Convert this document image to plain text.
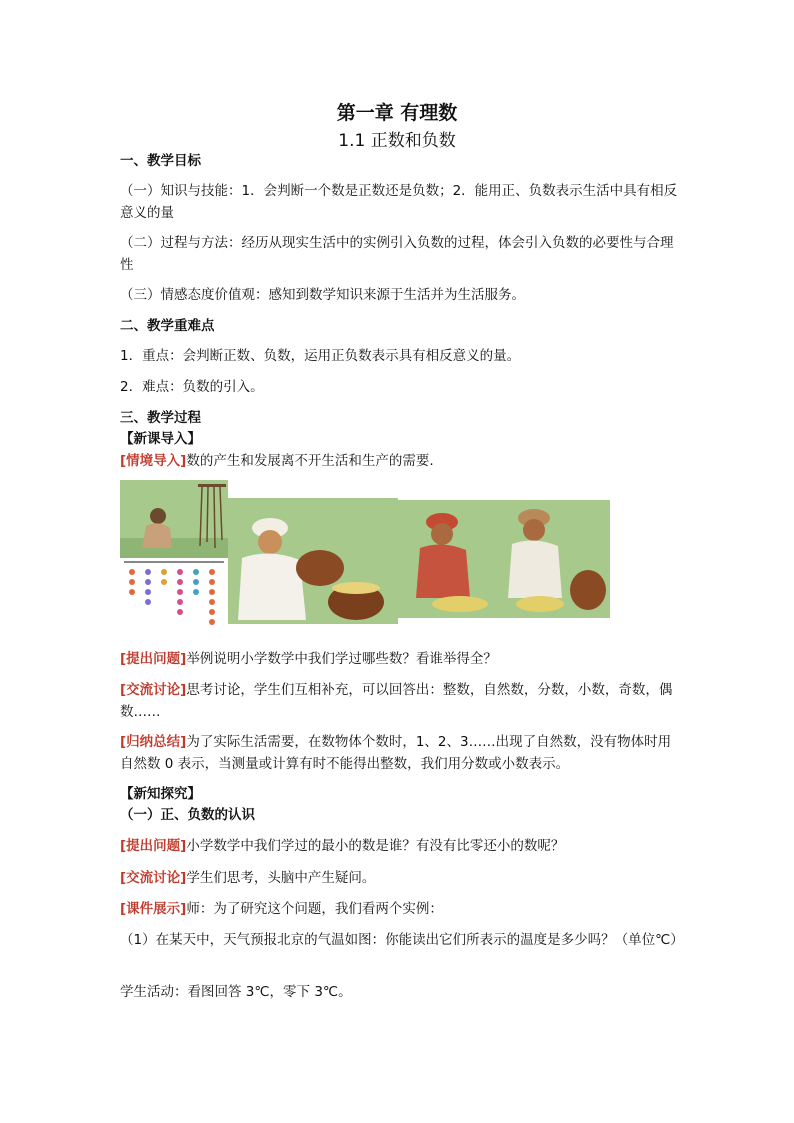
第一章 有理数
1.1 正数和负数
一、教学目标
（一）知识与技能：1．会判断一个数是正数还是负数；2．能用正、负数表示生活中具有相反意义的量
（二）过程与方法：经历从现实生活中的实例引入负数的过程，体会引入负数的必要性与合理性
（三）情感态度价值观：感知到数学知识来源于生活并为生活服务。
二、教学重难点
1．重点：会判断正数、负数，运用正负数表示具有相反意义的量。
2．难点：负数的引入。
三、教学过程
【新课导入】
[情境导入]数的产生和发展离不开生活和生产的需要.
[提出问题]举例说明小学数学中我们学过哪些数？看谁举得全？
[交流讨论]思考讨论，学生们互相补充，可以回答出：整数，自然数，分数，小数，奇数，偶数……
[归纳总结]为了实际生活需要，在数物体个数时，1、2、3……出现了自然数，没有物体时用自然数 0 表示，当测量或计算有时不能得出整数，我们用分数或小数表示。
【新知探究】
（一）正、负数的认识
[提出问题]小学数学中我们学过的最小的数是谁？有没有比零还小的数呢？
[交流讨论]学生们思考，头脑中产生疑问。
[课件展示]师：为了研究这个问题，我们看两个实例：
（1）在某天中，天气预报北京的气温如图：你能读出它们所表示的温度是多少吗？（单位℃）
学生活动：看图回答 3℃，零下 3℃。
